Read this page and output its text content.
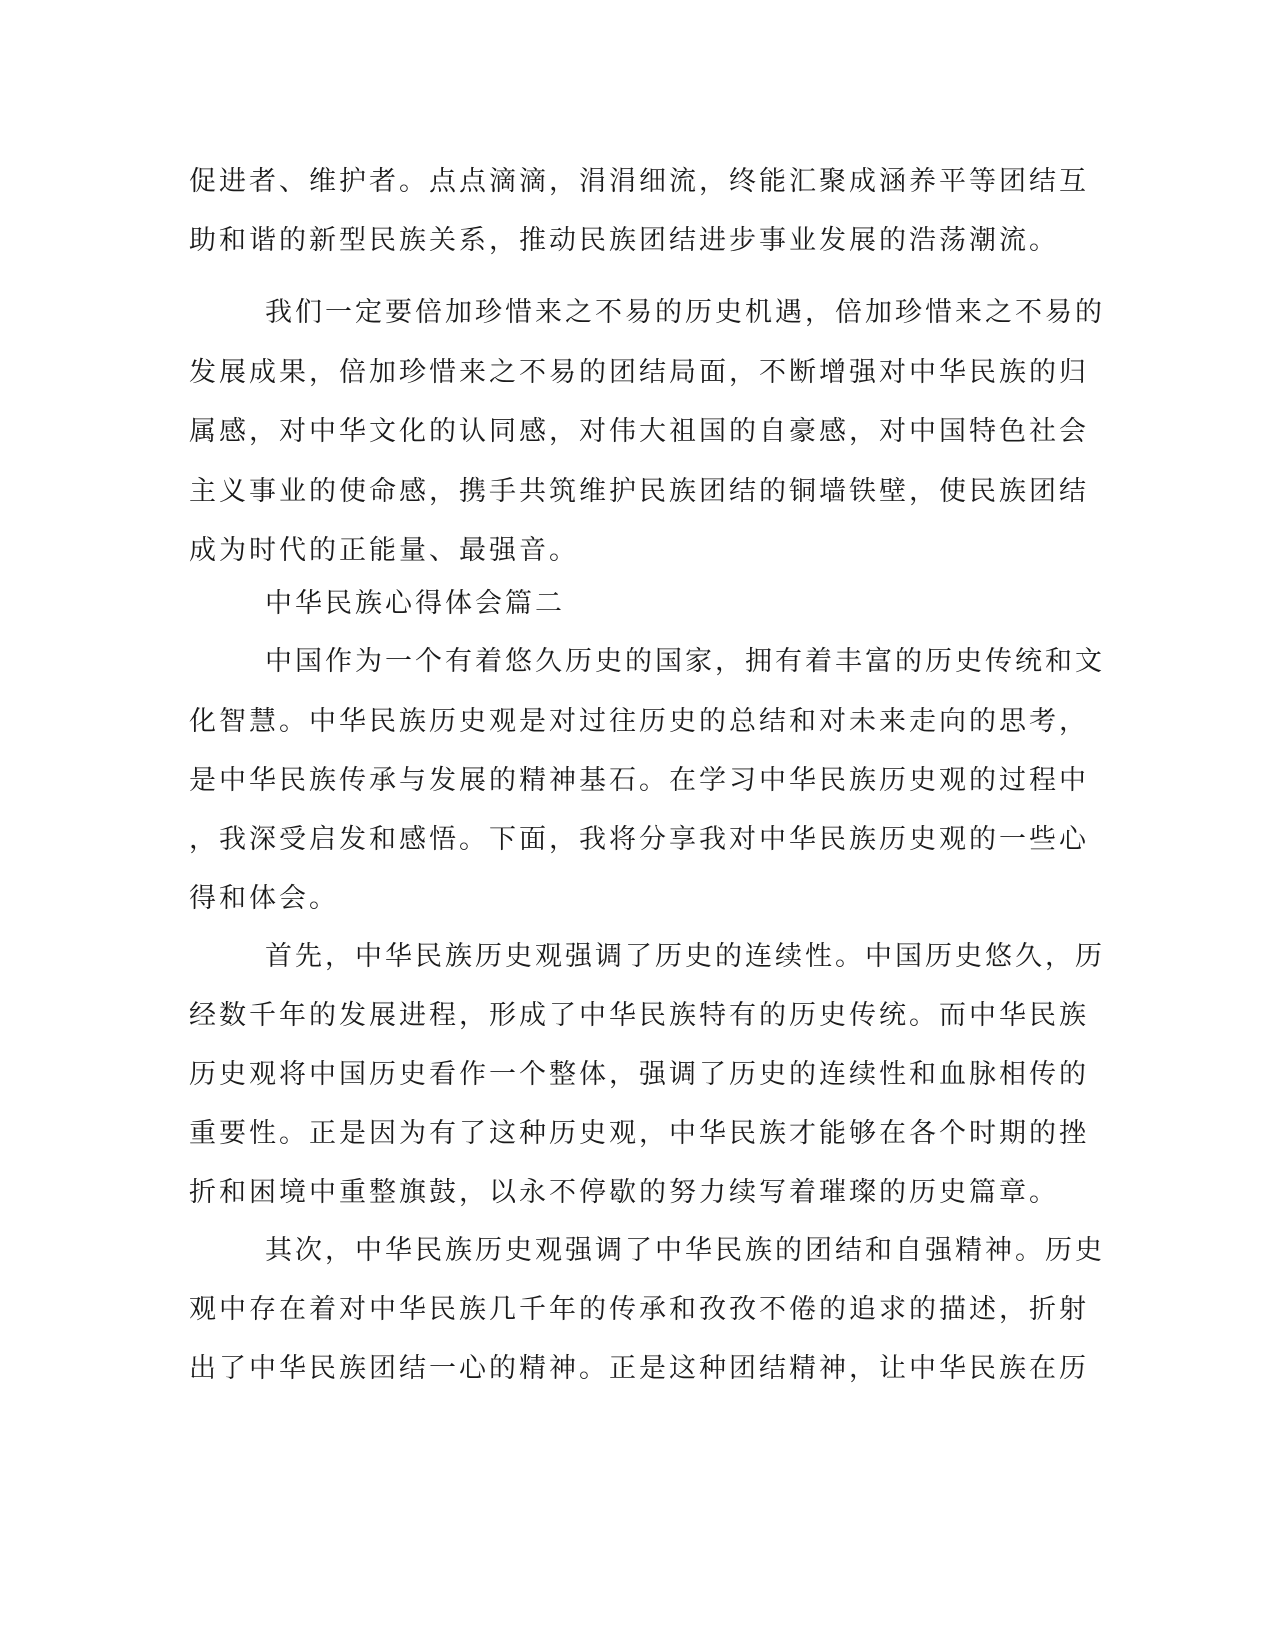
促进者、维护者。点点滴滴，涓涓细流，终能汇聚成涵养平等团结互
助和谐的新型民族关系，推动民族团结进步事业发展的浩荡潮流。
我们一定要倍加珍惜来之不易的历史机遇，倍加珍惜来之不易的
发展成果，倍加珍惜来之不易的团结局面，不断增强对中华民族的归
属感，对中华文化的认同感，对伟大祖国的自豪感，对中国特色社会
主义事业的使命感，携手共筑维护民族团结的铜墙铁壁，使民族团结
成为时代的正能量、最强音。
中华民族心得体会篇二
中国作为一个有着悠久历史的国家，拥有着丰富的历史传统和文
化智慧。中华民族历史观是对过往历史的总结和对未来走向的思考，
是中华民族传承与发展的精神基石。在学习中华民族历史观的过程中
，我深受启发和感悟。下面，我将分享我对中华民族历史观的一些心
得和体会。
首先，中华民族历史观强调了历史的连续性。中国历史悠久，历
经数千年的发展进程，形成了中华民族特有的历史传统。而中华民族
历史观将中国历史看作一个整体，强调了历史的连续性和血脉相传的
重要性。正是因为有了这种历史观，中华民族才能够在各个时期的挫
折和困境中重整旗鼓，以永不停歇的努力续写着璀璨的历史篇章。
其次，中华民族历史观强调了中华民族的团结和自强精神。历史
观中存在着对中华民族几千年的传承和孜孜不倦的追求的描述，折射
出了中华民族团结一心的精神。正是这种团结精神，让中华民族在历
